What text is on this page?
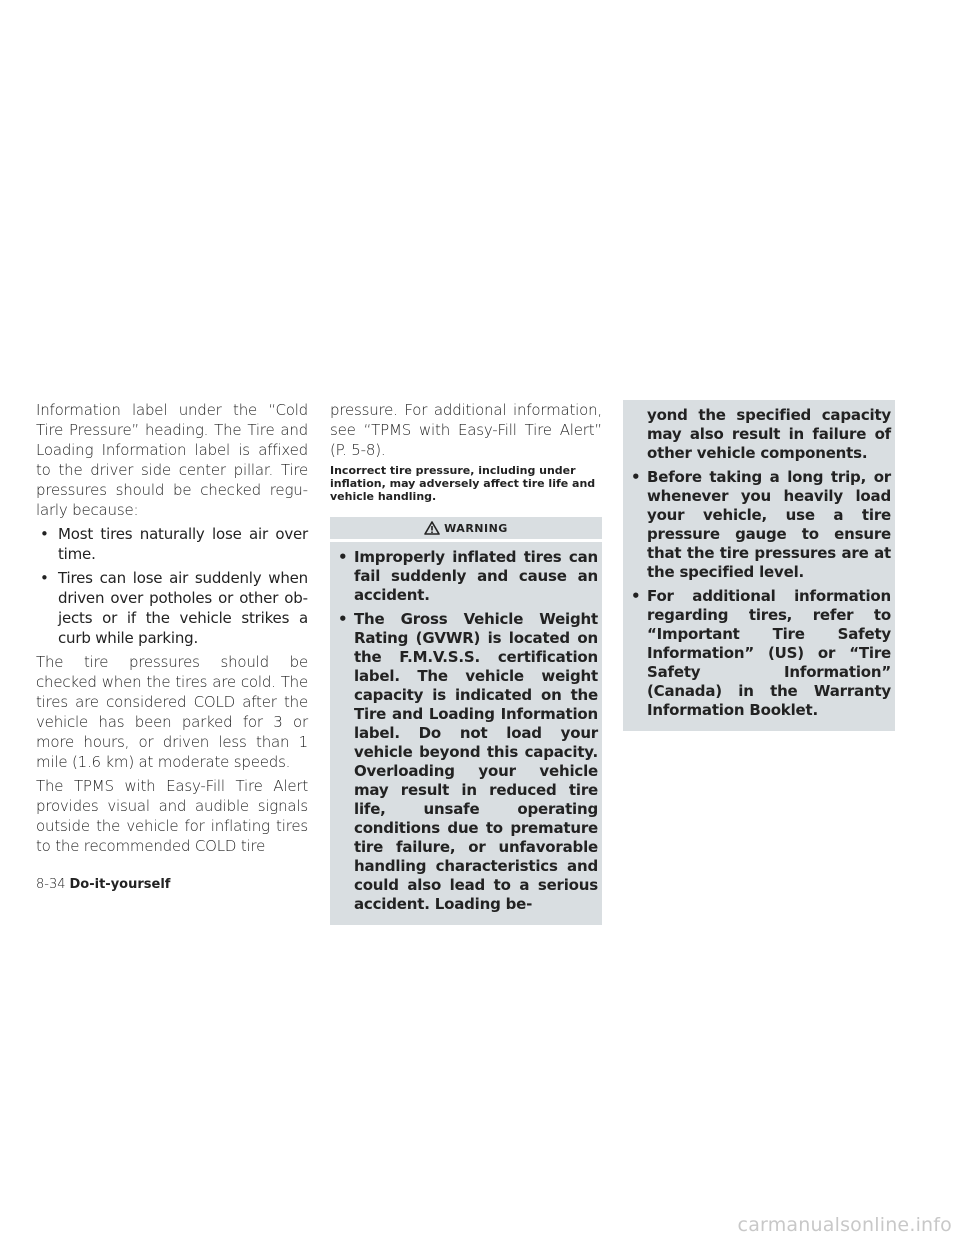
Information label under the “Cold Tire Pressure” heading. The Tire and Loading Information label is affixed to the driver side center pillar. Tire pressures should be checked regularly because:

• Most tires naturally lose air over time.
• Tires can lose air suddenly when driven over potholes or other objects or if the vehicle strikes a curb while parking.

The tire pressures should be checked when the tires are cold. The tires are considered COLD after the vehicle has been parked for 3 or more hours, or driven less than 1 mile (1.6 km) at moderate speeds.

The TPMS with Easy-Fill Tire Alert provides visual and audible signals outside the vehicle for inflating tires to the recommended COLD tire

pressure. For additional information, see “TPMS with Easy-Fill Tire Alert” (P. 5-8).

Incorrect tire pressure, including under inflation, may adversely affect tire life and vehicle handling.

WARNING
• Improperly inflated tires can fail suddenly and cause an accident.
• The Gross Vehicle Weight Rating (GVWR) is located on the F.M.V.S.S. certification label. The vehicle weight capacity is indicated on the Tire and Loading Information label. Do not load your vehicle beyond this capacity. Overloading your vehicle may result in reduced tire life, unsafe operating conditions due to premature tire failure, or unfavorable handling characteristics and could also lead to a serious accident. Loading be-
yond the specified capacity may also result in failure of other vehicle components.
• Before taking a long trip, or whenever you heavily load your vehicle, use a tire pressure gauge to ensure that the tire pressures are at the specified level.
• For additional information regarding tires, refer to “Important Tire Safety Information” (US) or “Tire Safety Information” (Canada) in the Warranty Information Booklet.
8-34 Do-it-yourself
carmanualsonline.info
